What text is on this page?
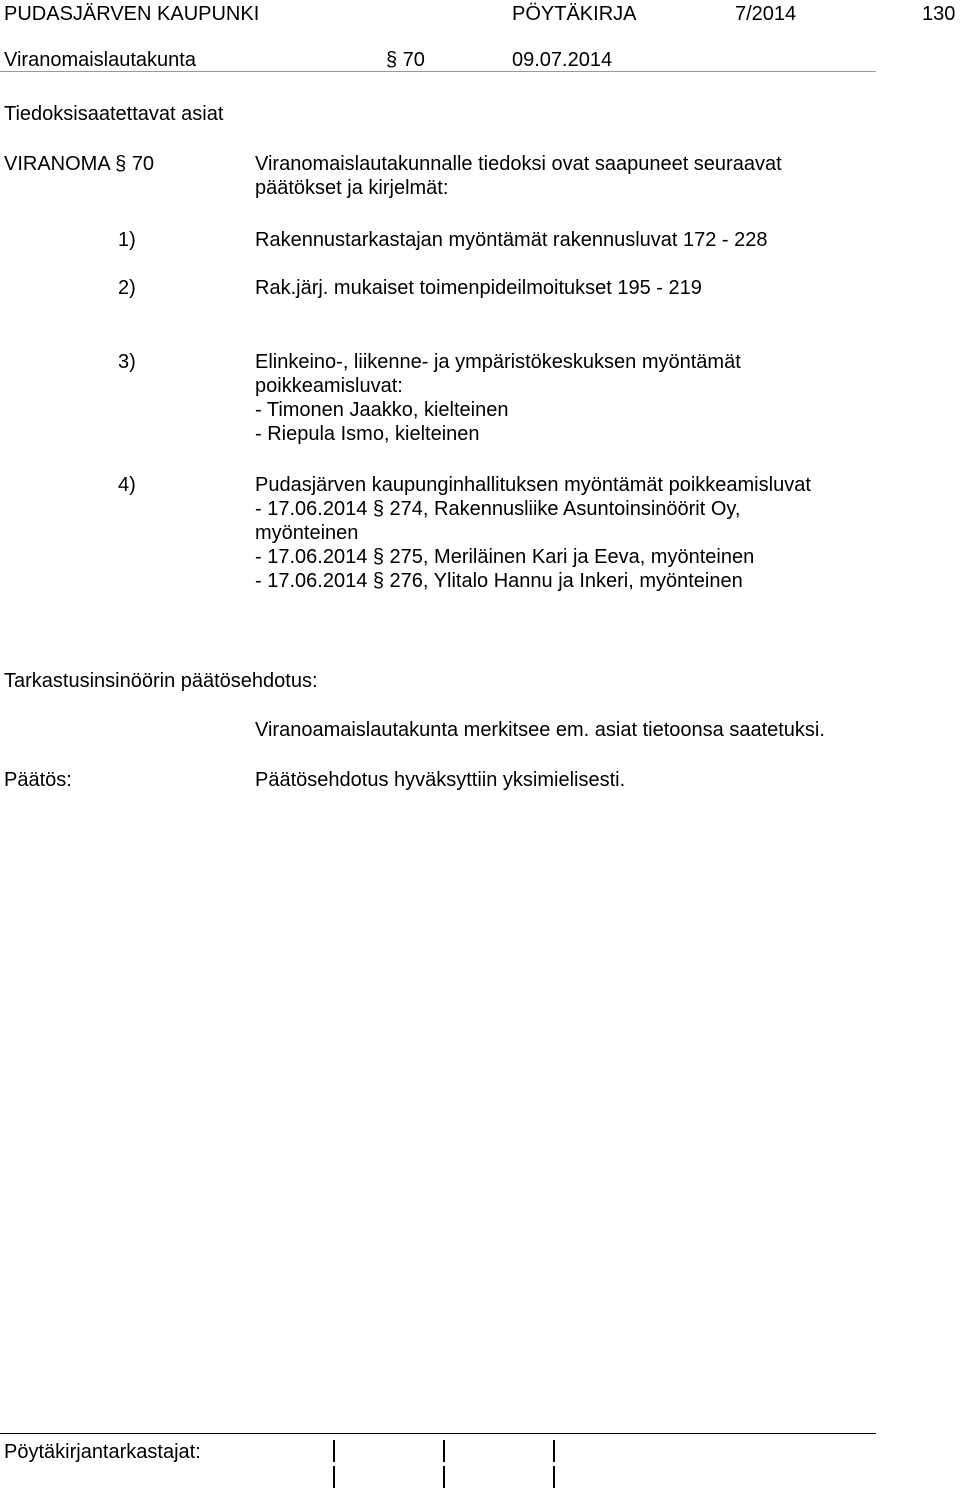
PUDASJÄRVEN KAUPUNKI	PÖYTÄKIRJA	7/2014	130
Viranomaislautakunta	§ 70	09.07.2014
Tiedoksisaatettavat asiat
VIRANOMA § 70	Viranomaislautakunnalle tiedoksi ovat saapuneet seuraavat
päätökset ja kirjelmät:
1)	Rakennustarkastajan myöntämät rakennusluvat 172 - 228
2)	Rak.järj. mukaiset toimenpideilmoitukset 195 - 219
3)	Elinkeino-, liikenne- ja ympäristökeskuksen myöntämät
poikkeamisluvat:
- Timonen Jaakko, kielteinen
- Riepula Ismo, kielteinen
4)	Pudasjärven kaupunginhallituksen myöntämät poikkeamisluvat
- 17.06.2014 § 274, Rakennusliike Asuntoinsinöörit Oy,
myönteinen
- 17.06.2014 § 275, Meriläinen Kari ja Eeva, myönteinen
- 17.06.2014 § 276, Ylitalo Hannu ja Inkeri, myönteinen
Tarkastusinsinöörin päätösehdotus:
Viranoamaislautakunta merkitsee em. asiat tietoonsa saatetuksi.
Päätös:	Päätösehdotus hyväksyttiin yksimielisesti.
Pöytäkirjantarkastajat:
